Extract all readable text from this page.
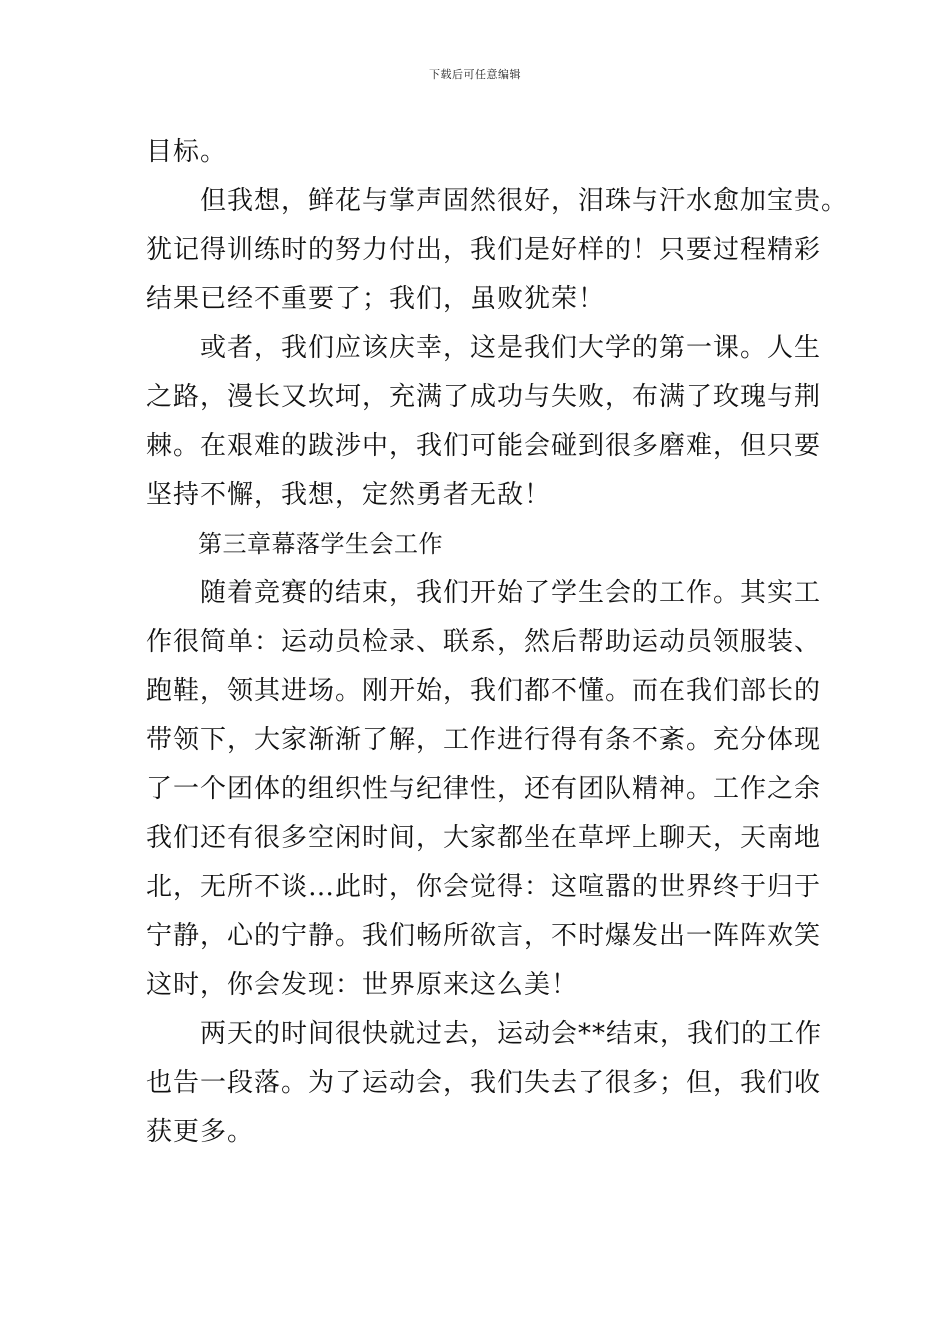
下载后可任意编辑
目标。
但我想，鲜花与掌声固然很好，泪珠与汗水愈加宝贵。
犹记得训练时的努力付出，我们是好样的！只要过程精彩
结果已经不重要了；我们，虽败犹荣！
或者，我们应该庆幸，这是我们大学的第一课。人生
之路，漫长又坎坷，充满了成功与失败，布满了玫瑰与荆
棘。在艰难的跋涉中，我们可能会碰到很多磨难，但只要
坚持不懈，我想，定然勇者无敌！
第三章幕落学生会工作
随着竞赛的结束，我们开始了学生会的工作。其实工
作很简单：运动员检录、联系，然后帮助运动员领服装、
跑鞋，领其进场。刚开始，我们都不懂。而在我们部长的
带领下，大家渐渐了解，工作进行得有条不紊。充分体现
了一个团体的组织性与纪律性，还有团队精神。工作之余
我们还有很多空闲时间，大家都坐在草坪上聊天，天南地
北，无所不谈…此时，你会觉得：这喧嚣的世界终于归于
宁静，心的宁静。我们畅所欲言，不时爆发出一阵阵欢笑
这时，你会发现：世界原来这么美！
两天的时间很快就过去，运动会**结束，我们的工作
也告一段落。为了运动会，我们失去了很多；但，我们收
获更多。
